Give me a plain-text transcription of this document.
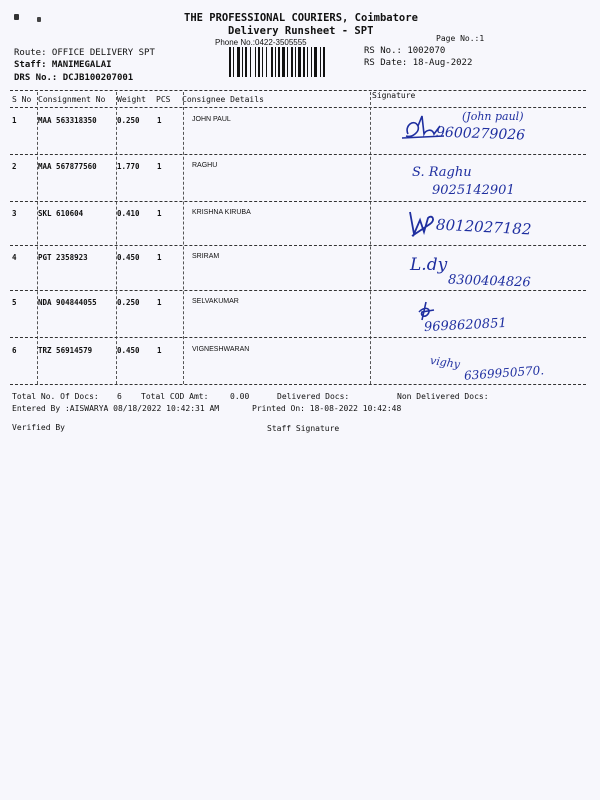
THE PROFESSIONAL COURIERS, Coimbatore
Delivery Runsheet - SPT
Phone No.:0422-3505555	Page No.:1
Route: OFFICE DELIVERY SPT
Staff: MANIMEGALAI
DRS No.: DCJB100207001
RS No.: 1002070
RS Date: 18-Aug-2022
S No Consignment No Weight PCS Consignee Details	Signature
1	MAA 563318350	0.250 1	JOHN PAUL	(John paul)
9600279026
2	MAA 567877560	1.770 1	RAGHU	S. Raghu
9025142901
3	SKL 610604	0.410 1	KRISHNA KIRUBA
8012027182
4	PGT 2358923	0.450 1	SRIRAM	L.dy
8300404826
5	NDA 904844055	0.250 1	SELVAKUMAR
9698620851
6	TRZ 56914579	0.450 1	VIGNESHWARAN
vighy
6369950570.
Total No. Of Docs: 6 Total COD Amt:	0.00	Delivered Docs:	Non Delivered Docs:
Entered By :AISWARYA 08/18/2022 10:42:31 AM	Printed On: 18-08-2022 10:42:48
Verified By	Staff Signature
